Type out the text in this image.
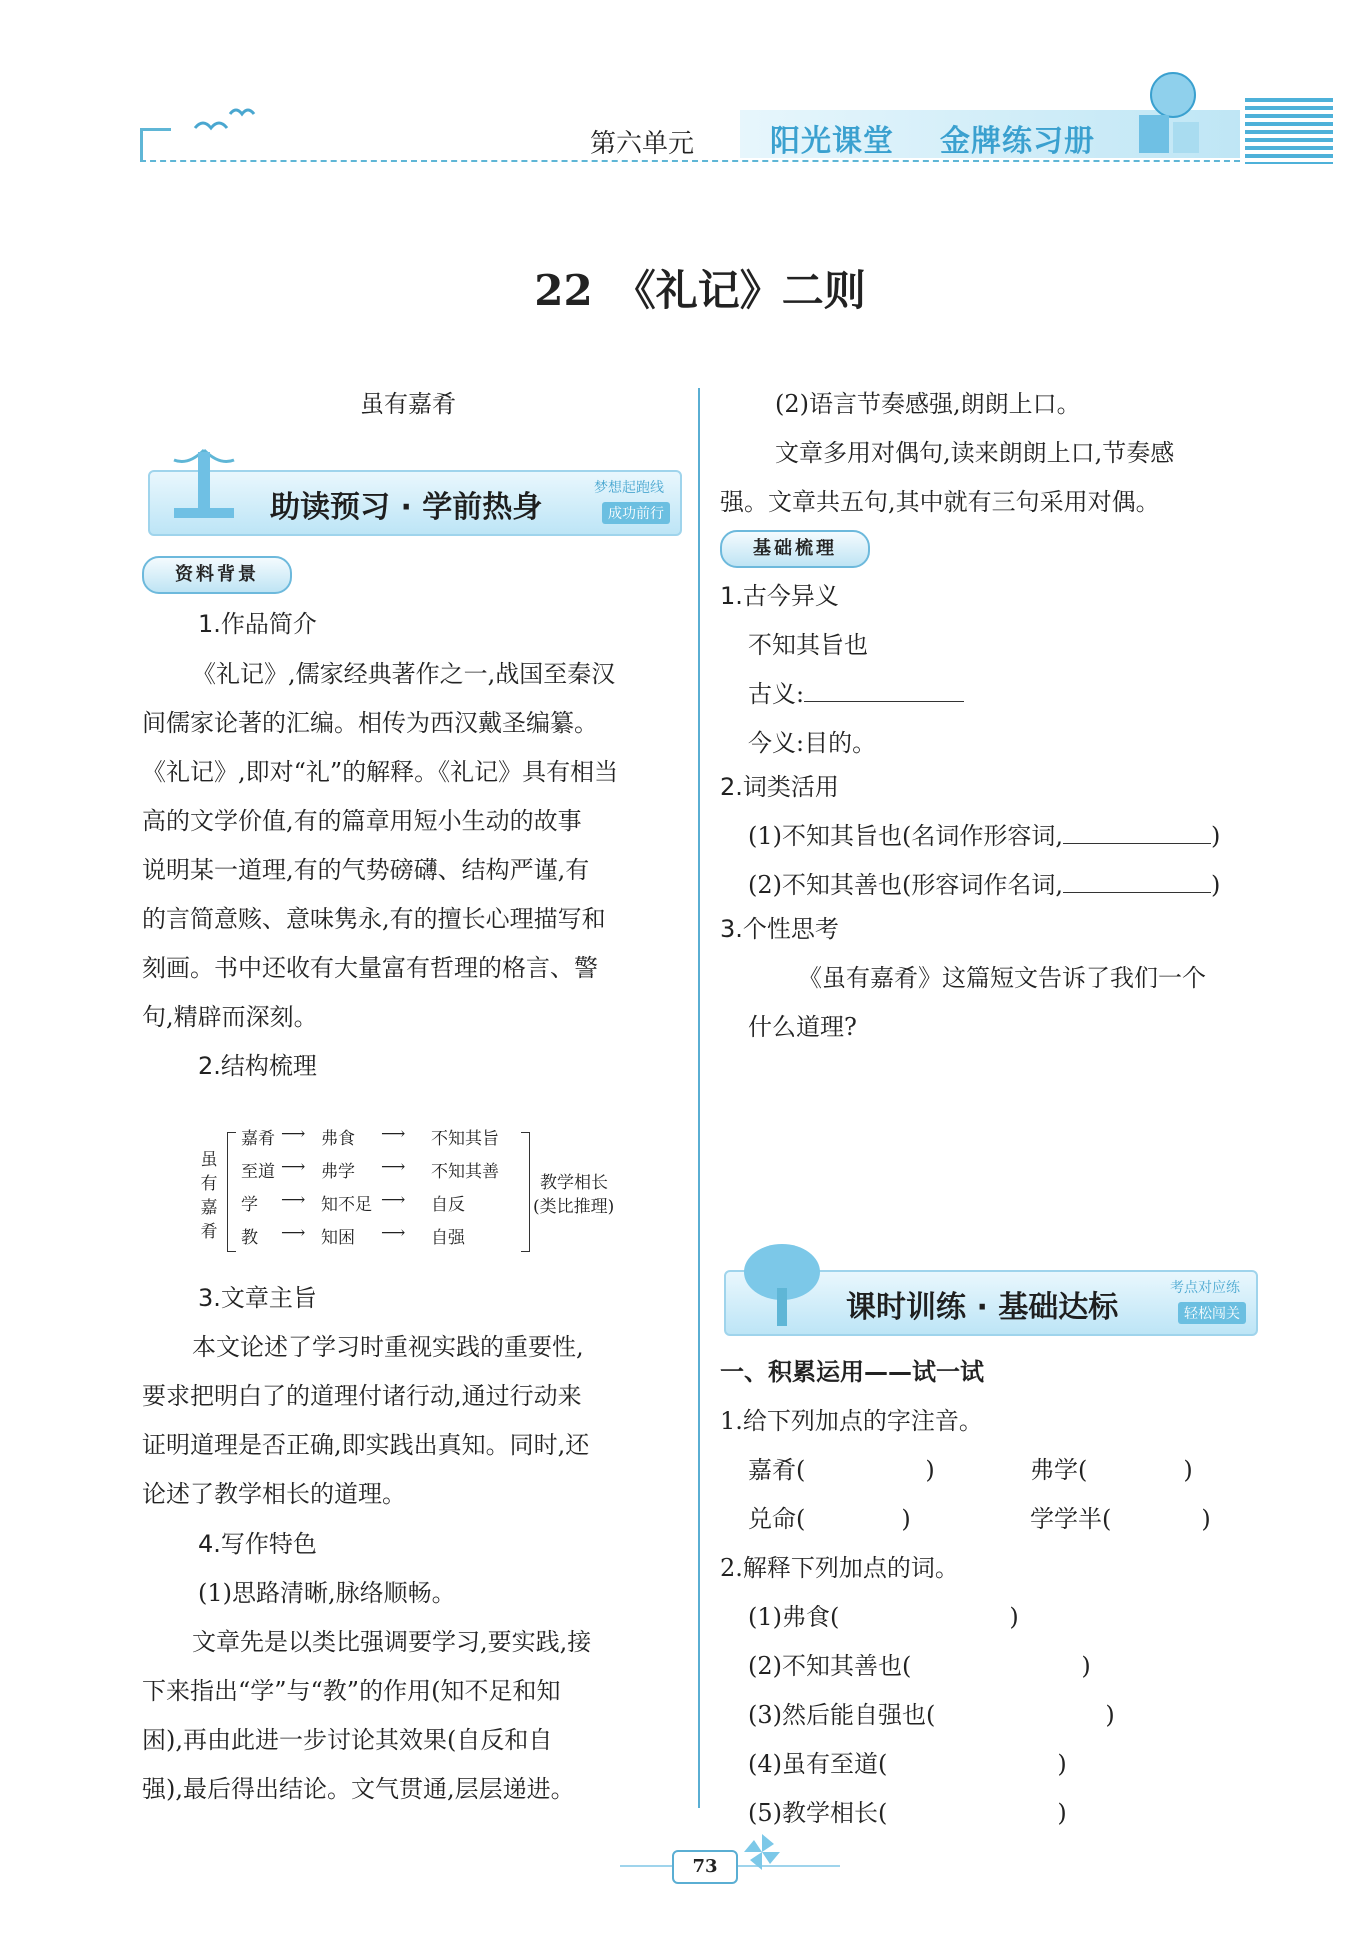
第六单元	阳光课堂 金牌练习册
22　《礼记》二则
虽有嘉肴
助读预习 · 学前热身
梦想起跑线
成功前行
资料背景
1.作品简介
《礼记》,儒家经典著作之一,战国至秦汉
间儒家论著的汇编。相传为西汉戴圣编纂。
《礼记》,即对“礼”的解释。《礼记》具有相当
高的文学价值,有的篇章用短小生动的故事
说明某一道理,有的气势磅礴、结构严谨,有
的言简意赅、意味隽永,有的擅长心理描写和
刻画。书中还收有大量富有哲理的格言、警
句,精辟而深刻。
2.结构梳理
虽
有
嘉
肴
嘉肴 ⟶ 弗食 ⟶ 不知其旨
至道 ⟶ 弗学 ⟶ 不知其善
学 ⟶ 知不足 ⟶ 自反
教 ⟶ 知困 ⟶ 自强
教学相长
(类比推理)
3.文章主旨
本文论述了学习时重视实践的重要性,
要求把明白了的道理付诸行动,通过行动来
证明道理是否正确,即实践出真知。同时,还
论述了教学相长的道理。
4.写作特色
(1)思路清晰,脉络顺畅。
文章先是以类比强调要学习,要实践,接
下来指出“学”与“教”的作用(知不足和知
困),再由此进一步讨论其效果(自反和自
强),最后得出结论。文气贯通,层层递进。
(2)语言节奏感强,朗朗上口。
文章多用对偶句,读来朗朗上口,节奏感
强。文章共五句,其中就有三句采用对偶。
基础梳理
1.古今异义
不知其旨也
古义:
今义:目的。
2.词类活用
(1)不知其旨也(名词作形容词,	)
(2)不知其善也(形容词作名词,	)
3.个性思考
《虽有嘉肴》这篇短文告诉了我们一个
什么道理?
课时训练 · 基础达标
考点对应练
轻松闯关
一、积累运用——试一试
1.给下列加点的字注音。
嘉肴(	)	弗学(	)
兑命(	)	学学半(	)
2.解释下列加点的词。
(1)弗食(	)
(2)不知其善也(	)
(3)然后能自强也(	)
(4)虽有至道(	)
(5)教学相长(	)
73
